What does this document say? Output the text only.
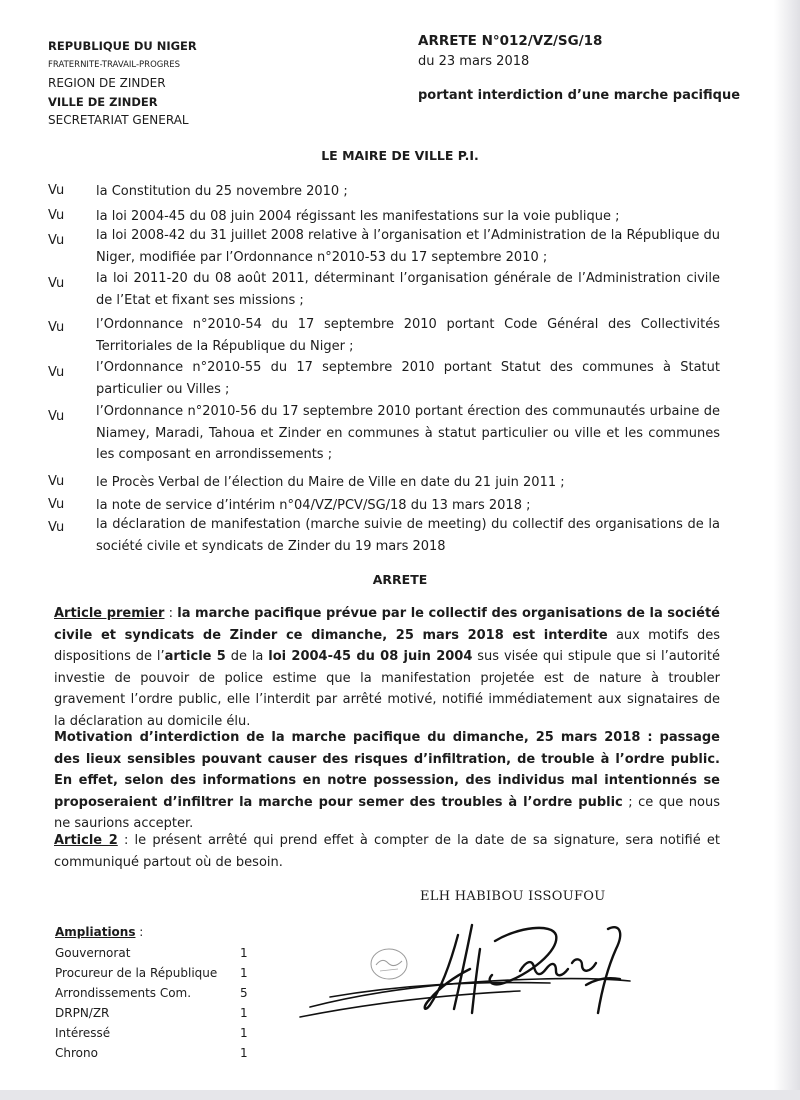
REPUBLIQUE DU NIGER
FRATERNITE-TRAVAIL-PROGRES
REGION DE ZINDER
VILLE DE ZINDER
SECRETARIAT GENERAL
ARRETE N°012/VZ/SG/18
du 23 mars 2018
portant interdiction d’une marche pacifique
LE MAIRE DE VILLE P.I.
Vu la Constitution du 25 novembre 2010 ;
Vu la loi 2004-45 du 08 juin 2004 régissant les manifestations sur la voie publique ;
Vu la loi 2008-42 du 31 juillet 2008 relative à l’organisation et l’Administration de la République du Niger, modifiée par l’Ordonnance n°2010-53 du 17 septembre 2010 ;
Vu la loi 2011-20 du 08 août 2011, déterminant l’organisation générale de l’Administration civile de l’Etat et fixant ses missions ;
Vu l’Ordonnance n°2010-54 du 17 septembre 2010 portant Code Général des Collectivités Territoriales de la République du Niger ;
Vu l’Ordonnance n°2010-55 du 17 septembre 2010 portant Statut des communes à Statut particulier ou Villes ;
Vu l’Ordonnance n°2010-56 du 17 septembre 2010 portant érection des communautés urbaine de Niamey, Maradi, Tahoua et Zinder en communes à statut particulier ou ville et les communes les composant en arrondissements ;
Vu le Procès Verbal de l’élection du Maire de Ville en date du 21 juin 2011 ;
Vu la note de service d’intérim n°04/VZ/PCV/SG/18 du 13 mars 2018 ;
Vu la déclaration de manifestation (marche suivie de meeting) du collectif des organisations de la société civile et syndicats de Zinder du 19 mars 2018
ARRETE
Article premier : la marche pacifique prévue par le collectif des organisations de la société civile et syndicats de Zinder ce dimanche, 25 mars 2018 est interdite aux motifs des dispositions de l’article 5 de la loi 2004-45 du 08 juin 2004 sus visée qui stipule que si l’autorité investie de pouvoir de police estime que la manifestation projetée est de nature à troubler gravement l’ordre public, elle l’interdit par arrêté motivé, notifié immédiatement aux signataires de la déclaration au domicile élu.
Motivation d’interdiction de la marche pacifique du dimanche, 25 mars 2018 : passage des lieux sensibles pouvant causer des risques d’infiltration, de trouble à l’ordre public. En effet, selon des informations en notre possession, des individus mal intentionnés se proposeraient d’infiltrer la marche pour semer des troubles à l’ordre public ; ce que nous ne saurions accepter.
Article 2 : le présent arrêté qui prend effet à compter de la date de sa signature, sera notifié et communiqué partout où de besoin.
ELH HABIBOU ISSOUFOU
Ampliations :
Gouvernorat	1
Procureur de la République 1
Arrondissements Com.	5
DRPN/ZR	1
Intéressé	1
Chrono	1
